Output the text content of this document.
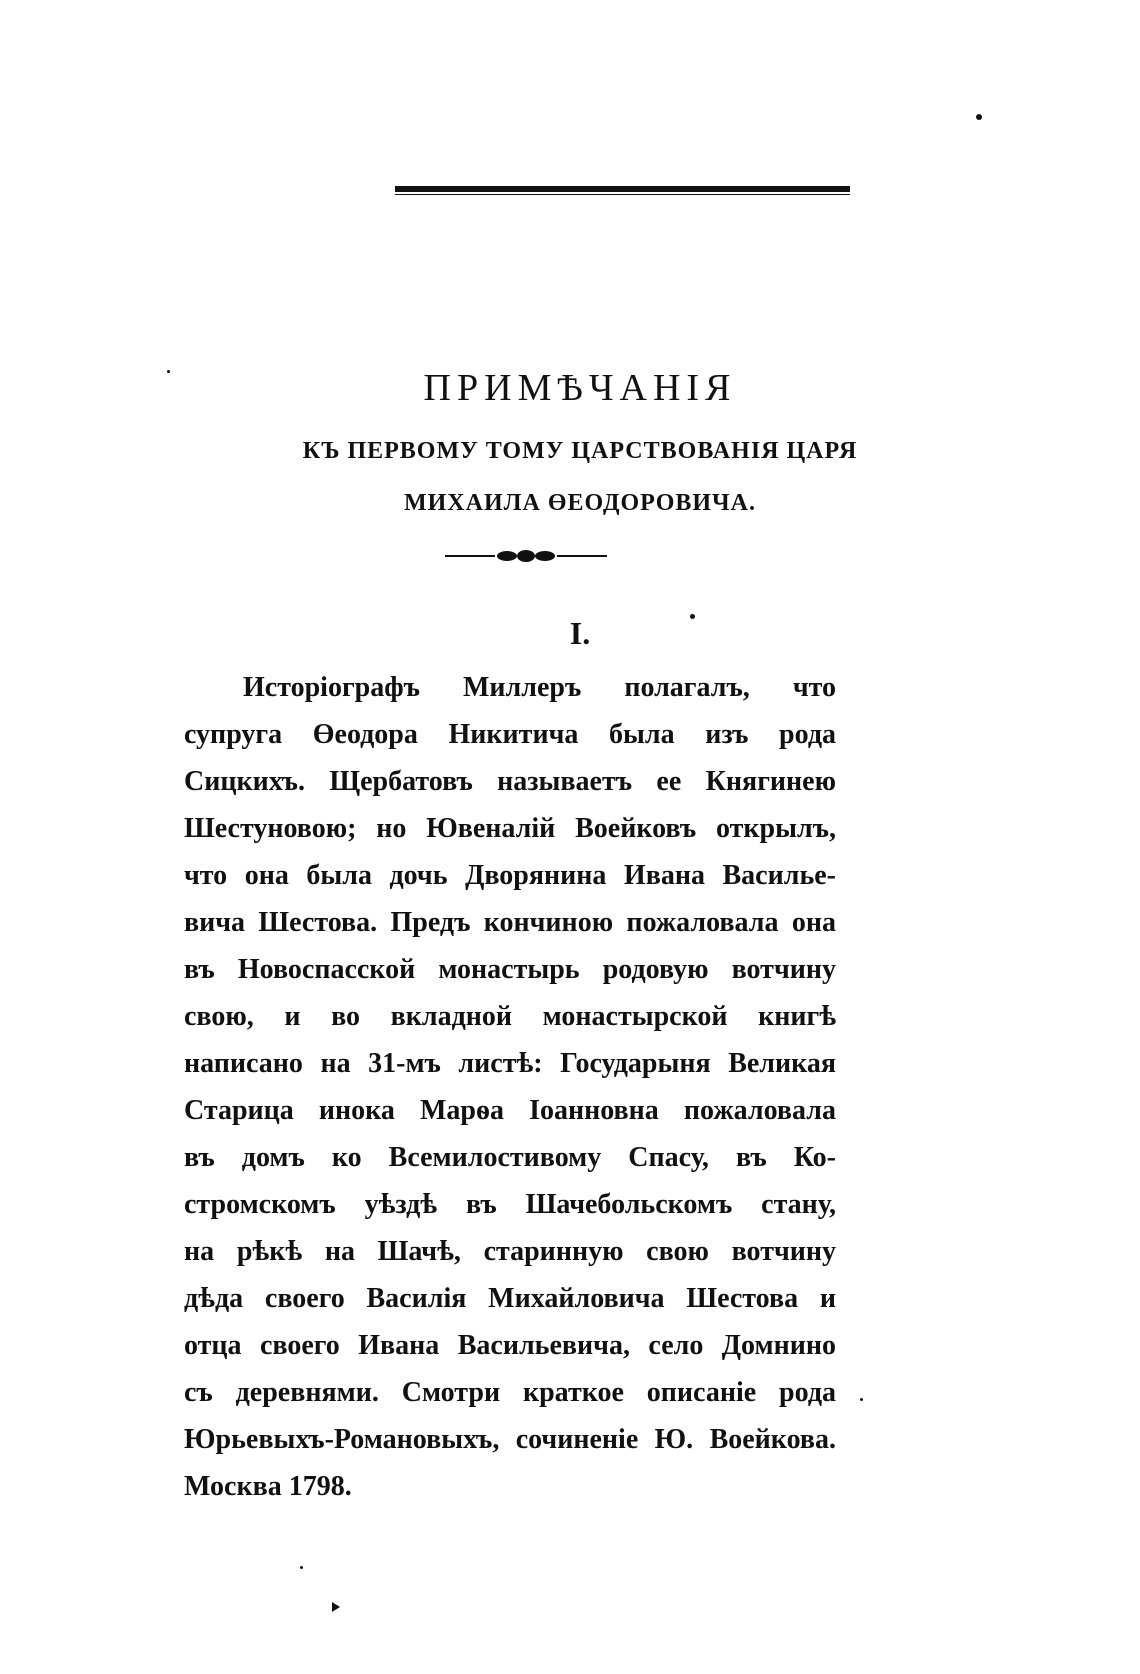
ПРИМѢЧАНІЯ
КЪ ПЕРВОМУ ТОМУ ЦАРСТВОВАНІЯ ЦАРЯ
МИХАИЛА ӨЕОДОРОВИЧА.
I.
Исторіографъ Миллеръ полагалъ, что
супруга Өеодора Никитича была изъ рода
Сицкихъ. Щербатовъ называетъ ее Княгинею
Шестуновою; но Ювеналій Воейковъ открылъ,
что она была дочь Дворянина Ивана Василье-
вича Шестова. Предъ кончиною пожаловала она
въ Новоспасской монастырь родовую вотчину
свою, и во вкладной монастырской книгѣ
написано на 31-мъ листѣ: Государыня Великая
Старица инока Марѳа Іоанновна пожаловала
въ домъ ко Всемилостивому Спасу, въ Ко-
стромскомъ уѣздѣ въ Шачебольскомъ стану,
на рѣкѣ на Шачѣ, старинную свою вотчину
дѣда своего Василія Михайловича Шестова и
отца своего Ивана Васильевича, село Домнино
съ деревнями. Смотри краткое описаніе рода
Юрьевыхъ-Романовыхъ, сочиненіе Ю. Воейкова.
Москва 1798.
